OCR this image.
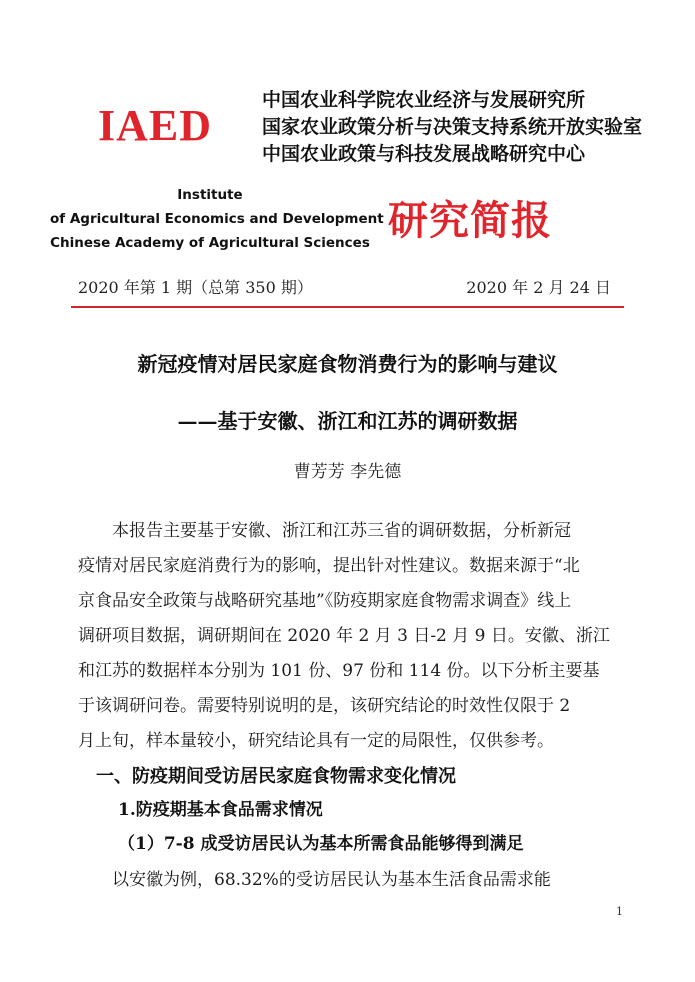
IAED
中国农业科学院农业经济与发展研究所
国家农业政策分析与决策支持系统开放实验室
中国农业政策与科技发展战略研究中心
Institute
of Agricultural Economics and Development
Chinese Academy of Agricultural Sciences 研究简报
2020 年第 1 期（总第 350 期）	2020 年 2 月 24 日
新冠疫情对居民家庭食物消费行为的影响与建议
——基于安徽、浙江和江苏的调研数据
曹芳芳 李先德
本报告主要基于安徽、浙江和江苏三省的调研数据，分析新冠
疫情对居民家庭消费行为的影响，提出针对性建议。数据来源于“北
京食品安全政策与战略研究基地”《防疫期家庭食物需求调查》线上
调研项目数据，调研期间在 2020 年 2 月 3 日-2 月 9 日。安徽、浙江
和江苏的数据样本分别为 101 份、97 份和 114 份。以下分析主要基
于该调研问卷。需要特别说明的是，该研究结论的时效性仅限于 2
月上旬，样本量较小，研究结论具有一定的局限性，仅供参考。
一、防疫期间受访居民家庭食物需求变化情况
1.防疫期基本食品需求情况
（1）7-8 成受访居民认为基本所需食品能够得到满足
以安徽为例，68.32%的受访居民认为基本生活食品需求能
1
